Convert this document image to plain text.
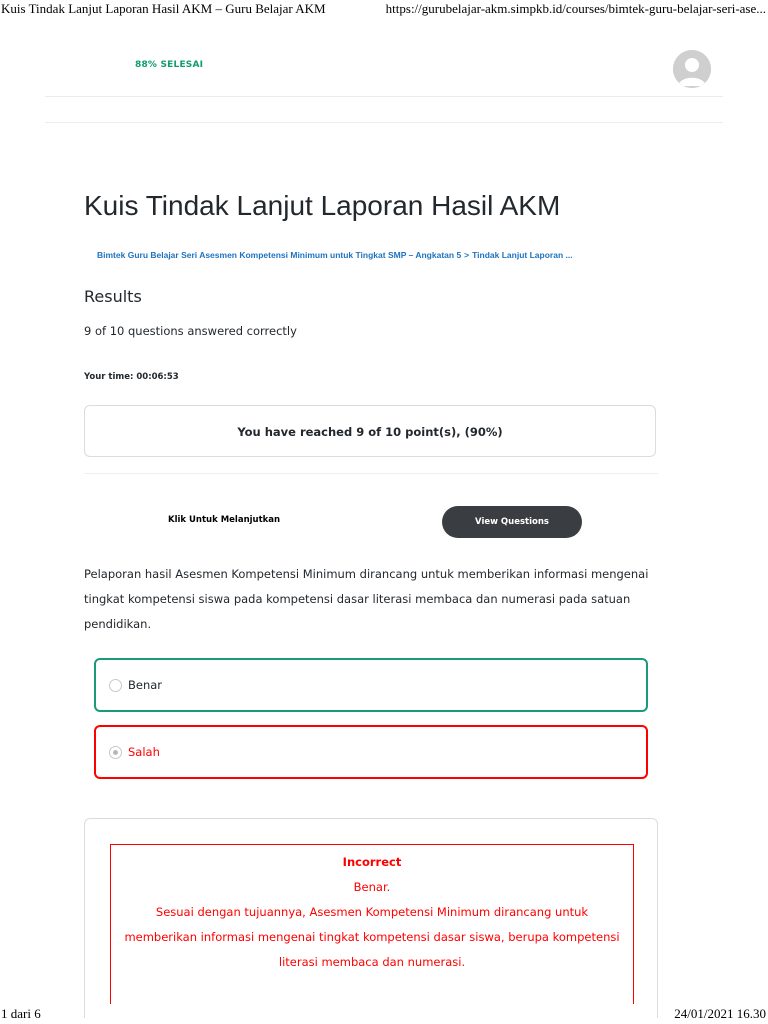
Kuis Tindak Lanjut Laporan Hasil AKM – Guru Belajar AKM	https://gurubelajar-akm.simpkb.id/courses/bimtek-guru-belajar-seri-ase...
88% SELESAI
Kuis Tindak Lanjut Laporan Hasil AKM
Bimtek Guru Belajar Seri Asesmen Kompetensi Minimum untuk Tingkat SMP – Angkatan 5 > Tindak Lanjut Laporan ...
Results
9 of 10 questions answered correctly
Your time: 00:06:53
You have reached 9 of 10 point(s), (90%)
Klik Untuk Melanjutkan	View Questions

Pelaporan hasil Asesmen Kompetensi Minimum dirancang untuk memberikan informasi mengenai tingkat kompetensi siswa pada kompetensi dasar literasi membaca dan numerasi pada satuan pendidikan.

Benar
Salah
Incorrect
Benar.
Sesuai dengan tujuannya, Asesmen Kompetensi Minimum dirancang untuk
memberikan informasi mengenai tingkat kompetensi dasar siswa, berupa kompetensi
literasi membaca dan numerasi.
1 dari 6	24/01/2021 16.30
